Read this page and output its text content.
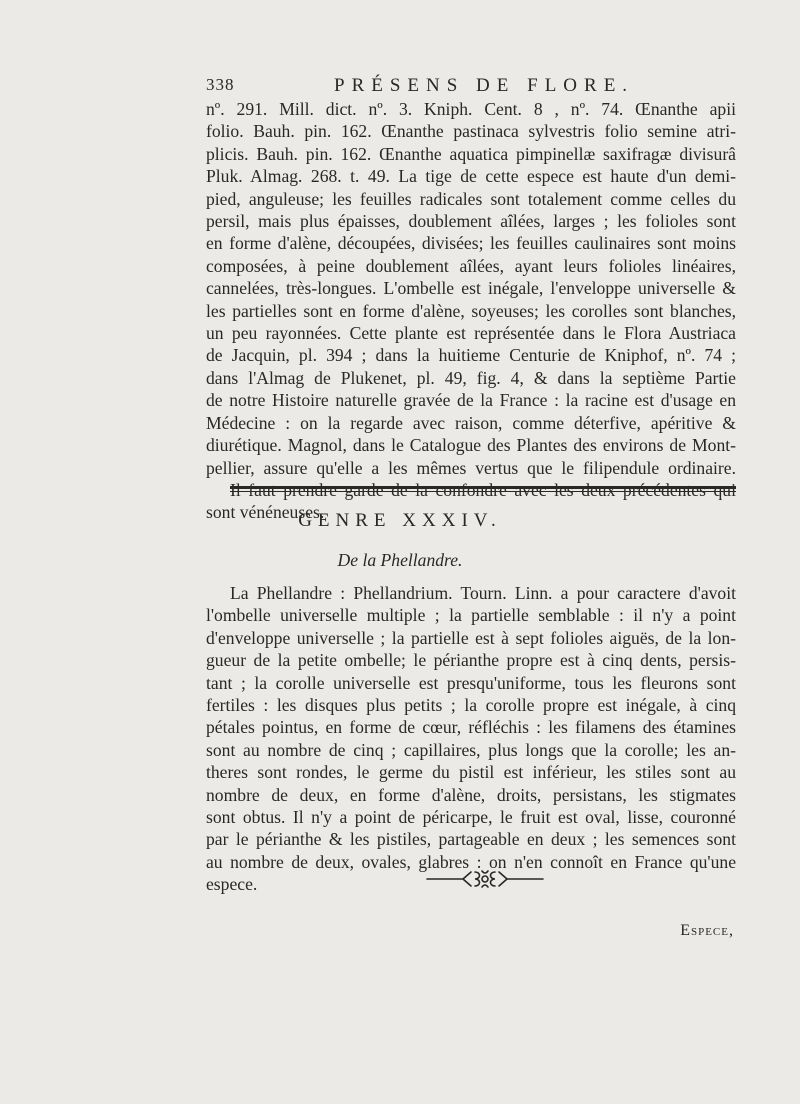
338	PRÉSENS DE FLORE.

nº. 291. Mill. dict. nº. 3. Kniph. Cent. 8 , nº. 74. Œnanthe apii

folio. Bauh. pin. 162. Œnanthe pastinaca sylvestris folio semine atri-

plicis. Bauh. pin. 162. Œnanthe aquatica pimpinellæ saxifragæ divisurâ

Pluk. Almag. 268. t. 49. La tige de cette espece est haute d'un demi-

pied, anguleuse; les feuilles radicales sont totalement comme celles du

persil, mais plus épaisses, doublement aîlées, larges ; les folioles sont

en forme d'alène, découpées, divisées; les feuilles caulinaires sont moins

composées, à peine doublement aîlées, ayant leurs folioles linéaires,

cannelées, très-longues. L'ombelle est inégale, l'enveloppe universelle &

les partielles sont en forme d'alène, soyeuses; les corolles sont blanches,

un peu rayonnées. Cette plante est représentée dans le Flora Austriaca

de Jacquin, pl. 394 ; dans la huitieme Centurie de Kniphof, nº. 74 ;

dans l'Almag de Plukenet, pl. 49, fig. 4, & dans la septième Partie

de notre Histoire naturelle gravée de la France : la racine est d'usage en

Médecine : on la regarde avec raison, comme déterfive, apéritive &

diurétique. Magnol, dans le Catalogue des Plantes des environs de Mont-

pellier, assure qu'elle a les mêmes vertus que le filipendule ordinaire.

Il faut prendre garde de la confondre avec les deux précédentes qui

sont vénéneuses.

GENRE XXXIV.
De la Phellandre.

La Phellandre : Phellandrium. Tourn. Linn. a pour caractere d'avoit

l'ombelle universelle multiple ; la partielle semblable : il n'y a point

d'enveloppe universelle ; la partielle est à sept folioles aiguës, de la lon-

gueur de la petite ombelle; le périanthe propre est à cinq dents, persis-

tant ; la corolle universelle est presqu'uniforme, tous les fleurons sont

fertiles : les disques plus petits ; la corolle propre est inégale, à cinq

pétales pointus, en forme de cœur, réfléchis : les filamens des étamines

sont au nombre de cinq ; capillaires, plus longs que la corolle; les an-

theres sont rondes, le germe du pistil est inférieur, les stiles sont au

nombre de deux, en forme d'alène, droits, persistans, les stigmates

sont obtus. Il n'y a point de péricarpe, le fruit est oval, lisse, couronné

par le périanthe & les pistiles, partageable en deux ; les semences sont

au nombre de deux, ovales, glabres : on n'en connoît en France qu'une

espece.

Espece,
